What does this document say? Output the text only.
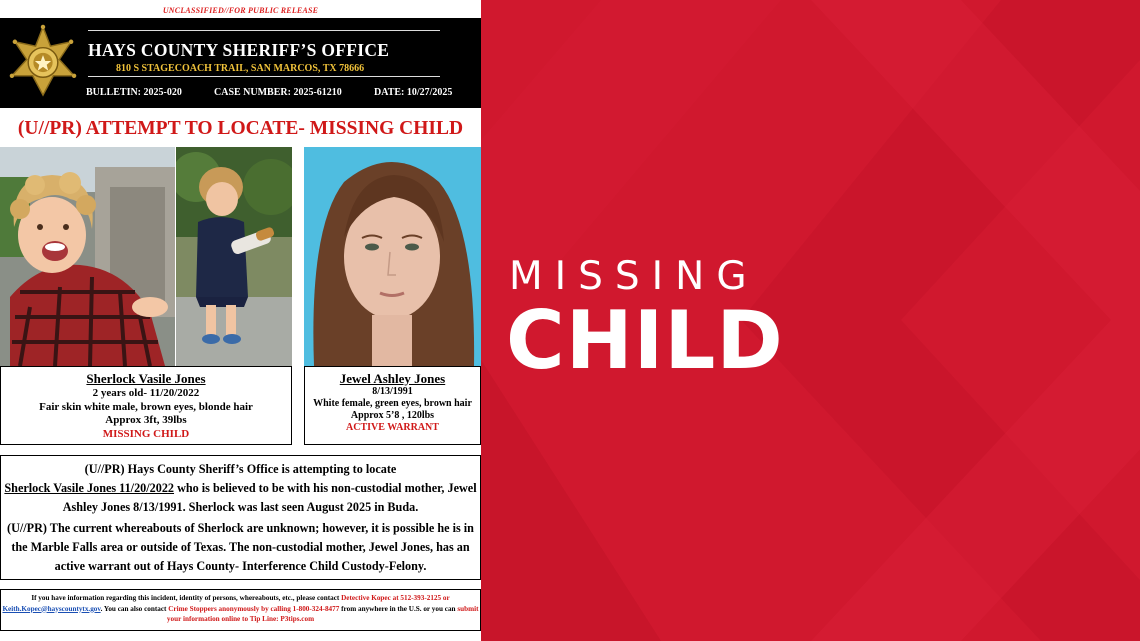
UNCLASSIFIED//FOR PUBLIC RELEASE
HAYS COUNTY SHERIFF’S OFFICE
810 S STAGECOACH TRAIL, SAN MARCOS, TX 78666
BULLETIN: 2025-020	CASE NUMBER: 2025-61210	DATE: 10/27/2025
(U//PR) ATTEMPT TO LOCATE- MISSING CHILD
Sherlock Vasile Jones
2 years old- 11/20/2022
Fair skin white male, brown eyes, blonde hair
Approx 3ft, 39lbs
MISSING CHILD
Jewel Ashley Jones
8/13/1991
White female, green eyes, brown hair
Approx 5’8 , 120lbs
ACTIVE WARRANT

(U//PR) Hays County Sheriff’s Office is attempting to locate
Sherlock Vasile Jones 11/20/2022 who is believed to be with his non-custodial mother, Jewel Ashley Jones 8/13/1991. Sherlock was last seen August 2025 in Buda.

(U//PR) The current whereabouts of Sherlock are unknown; however, it is possible he is in the Marble Falls area or outside of Texas. The non-custodial mother, Jewel Jones, has an active warrant out of Hays County- Interference Child Custody-Felony.

If you have information regarding this incident, identity of persons, whereabouts, etc., please contact Detective Kopec at 512-393-2125 or
Keith.Kopec@hayscountytx.gov. You can also contact Crime Stoppers anonymously by calling 1-800-324-8477 from anywhere in the U.S. or you can submit your information online to Tip Line: P3tips.com
MISSING
CHILD
